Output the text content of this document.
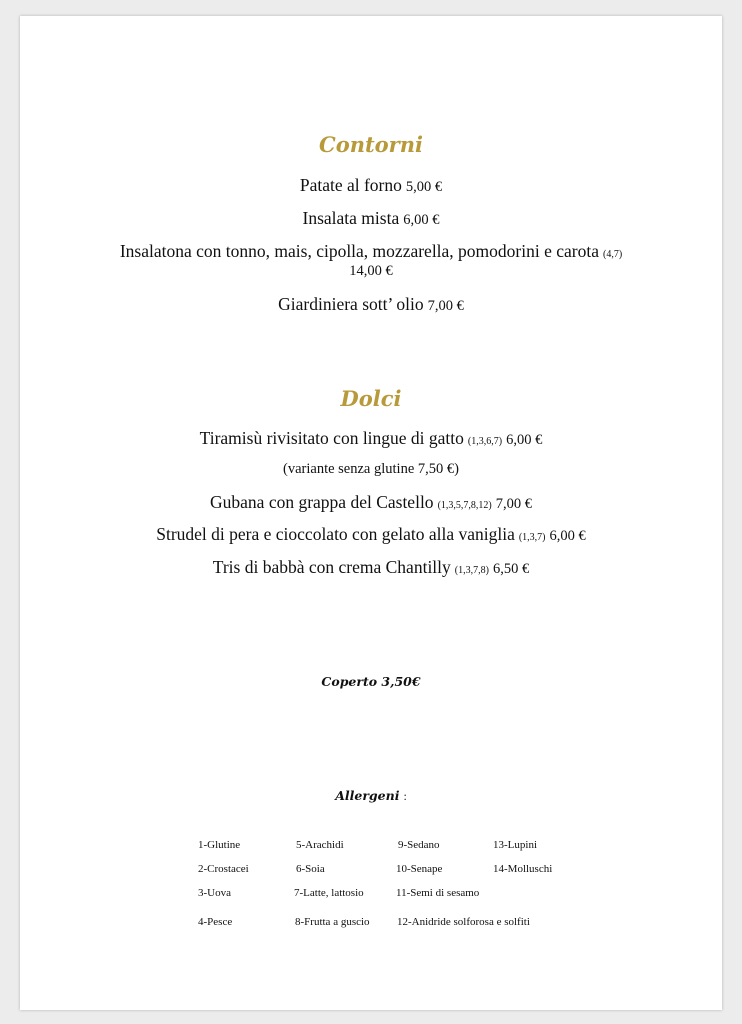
Contorni
Patate al forno 5,00 €
Insalata mista 6,00 €
Insalatona con tonno, mais, cipolla, mozzarella, pomodorini e carota (4,7)
14,00 €
Giardiniera sott’ olio 7,00 €
Dolci
Tiramisù rivisitato con lingue di gatto (1,3,6,7) 6,00 €
(variante senza glutine 7,50 €)
Gubana con grappa del Castello (1,3,5,7,8,12) 7,00 €
Strudel di pera e cioccolato con gelato alla vaniglia (1,3,7) 6,00 €
Tris di babbà con crema Chantilly (1,3,7,8) 6,50 €
Coperto 3,50€
Allergeni :
1-Glutine
2-Crostacei
3-Uova
4-Pesce
5-Arachidi
6-Soia
7-Latte, lattosio
8-Frutta a guscio
9-Sedano
10-Senape
11-Semi di sesamo
12-Anidride solforosa e solfiti
13-Lupini
14-Molluschi
